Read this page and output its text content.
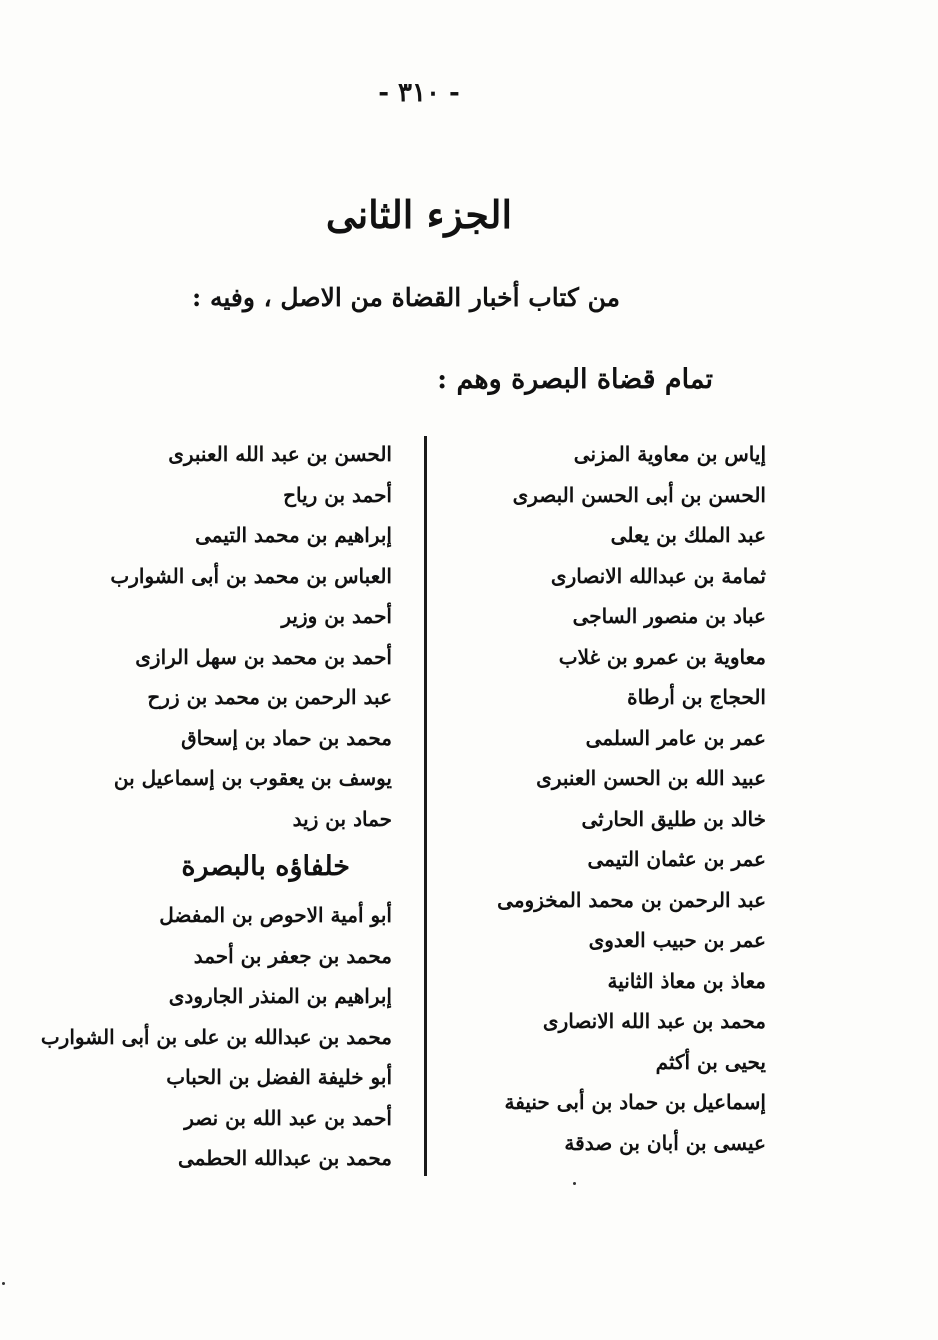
- ٣١٠ -
الجزء الثانى
من كتاب أخبار القضاة من الاصل ، وفيه :
تمام قضاة البصرة وهم :
إياس بن معاوية المزنى
الحسن بن أبى الحسن البصرى
عبد الملك بن يعلى
ثمامة بن عبدالله الانصارى
عباد بن منصور الساجى
معاوية بن عمرو بن غلاب
الحجاج بن أرطاة
عمر بن عامر السلمى
عبيد الله بن الحسن العنبرى
خالد بن طليق الحارثى
عمر بن عثمان التيمى
عبد الرحمن بن محمد المخزومى
عمر بن حبيب العدوى
معاذ بن معاذ الثانية
محمد بن عبد الله الانصارى
يحيى بن أكثم
إسماعيل بن حماد بن أبى حنيفة
عيسى بن أبان بن صدقة
الحسن بن عبد الله العنبرى
أحمد بن رياح
إبراهيم بن محمد التيمى
العباس بن محمد بن أبى الشوارب
أحمد بن وزير
أحمد بن محمد بن سهل الرازى
عبد الرحمن بن محمد بن زرح
محمد بن حماد بن إسحاق
يوسف بن يعقوب بن إسماعيل بن
حماد بن زيد
خلفاؤه بالبصرة
أبو أمية الاحوص بن المفضل
محمد بن جعفر بن أحمد
إبراهيم بن المنذر الجارودى
محمد بن عبدالله بن على بن أبى الشوارب
أبو خليفة الفضل بن الحباب
أحمد بن عبد الله بن نصر
محمد بن عبدالله الحطمى
